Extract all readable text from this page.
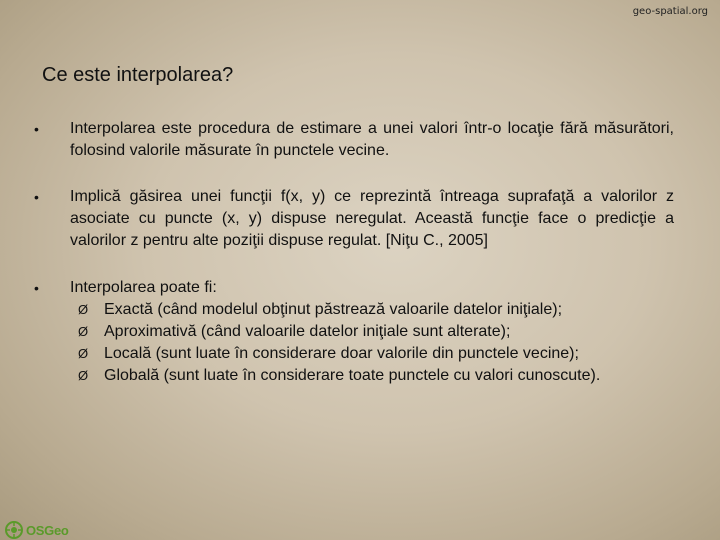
geo-spatial.org
Ce este interpolarea?
•	Interpolarea este procedura de estimare a unei valori într-o locaţie fără măsurători, folosind valorile măsurate în punctele vecine.
•	Implică găsirea unei funcţii f(x, y) ce reprezintă întreaga suprafaţă a valorilor z asociate cu puncte (x, y) dispuse neregulat. Această funcţie face o predicţie a valorilor z pentru alte poziţii dispuse regulat. [Niţu C., 2005]
•	Interpolarea poate fi:
Ø Exactă (când modelul obţinut păstrează valoarile datelor iniţiale);
Ø Aproximativă (când valoarile datelor iniţiale sunt alterate);
Ø Locală (sunt luate în considerare doar valorile din punctele vecine);
Ø Globală (sunt luate în considerare toate punctele cu valori cunoscute).
OSGeo
